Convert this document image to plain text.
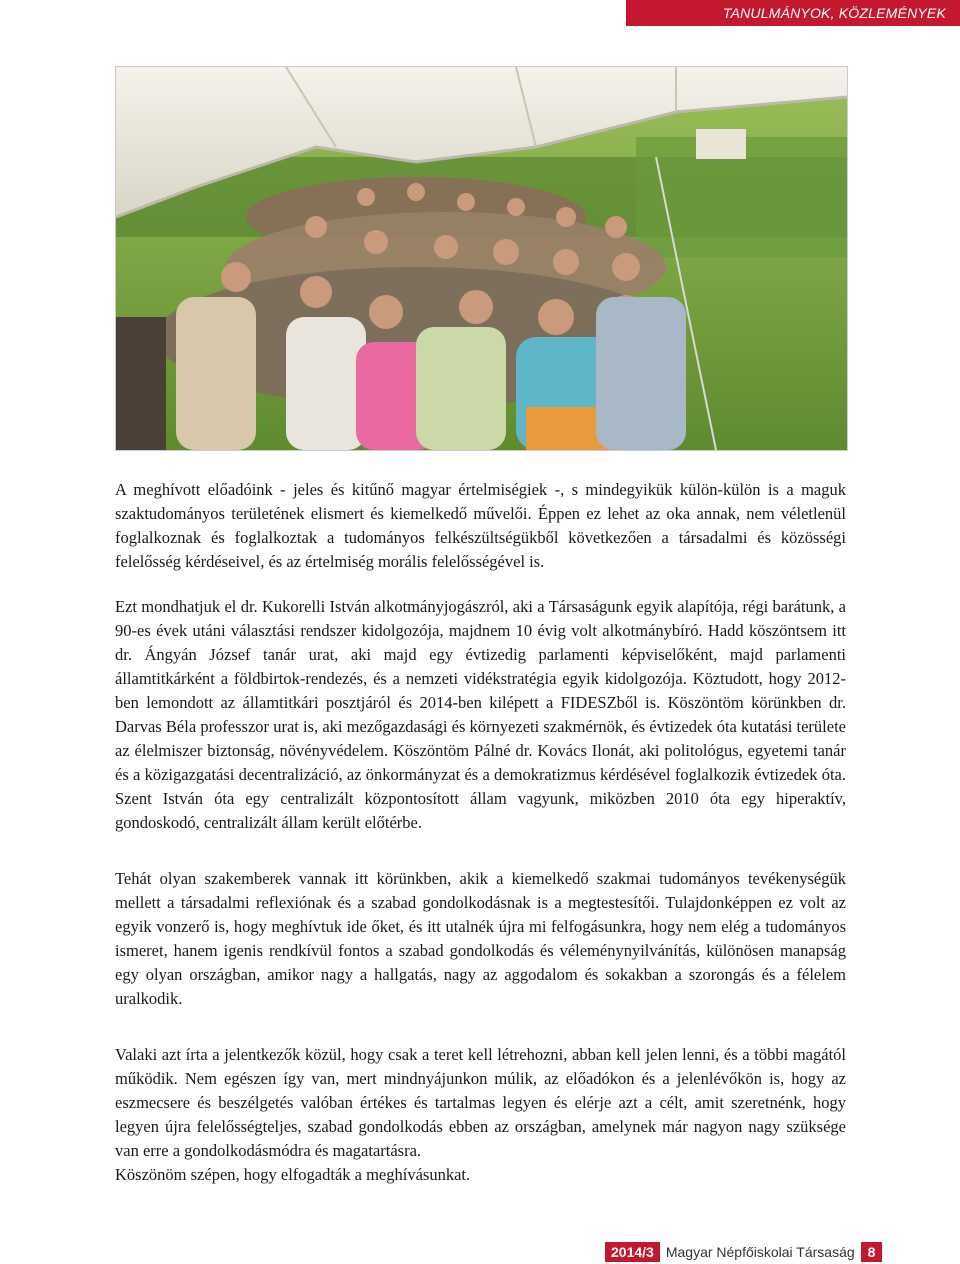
TANULMÁNYOK, KÖZLEMÉNYEK

A meghívott előadóink - jeles és kitűnő magyar értelmiségiek -, s mindegyikük külön-külön is a maguk szaktudományos területének elismert és kiemelkedő művelői. Éppen ez lehet az oka annak, nem véletlenül foglalkoznak és foglalkoztak a tudományos felkészültségükből következően a társadalmi és közösségi felelősség kérdéseivel, és az értelmiség morális felelősségével is.

Ezt mondhatjuk el dr. Kukorelli István alkotmányjogászról, aki a Társaságunk egyik alapítója, régi barátunk, a 90-es évek utáni választási rendszer kidolgozója, majdnem 10 évig volt alkotmánybíró. Hadd köszöntsem itt dr. Ángyán József tanár urat, aki majd egy évtizedig parlamenti képviselőként, majd parlamenti államtitkárként a földbirtok-rendezés, és a nemzeti vidékstratégia egyik kidolgozója. Köztudott, hogy 2012-ben lemondott az államtitkári posztjáról és 2014-ben kilépett a FIDESZből is. Köszöntöm körünkben dr. Darvas Béla professzor urat is, aki mezőgazdasági és környezeti szakmérnök, és évtizedek óta kutatási területe az élelmiszer biztonság, növényvédelem. Köszöntöm Pálné dr. Kovács Ilonát, aki politológus, egyetemi tanár és a közigazgatási decentralizáció, az önkormányzat és a demokratizmus kérdésével foglalkozik évtizedek óta. Szent István óta egy centralizált központosított állam vagyunk, miközben 2010 óta egy hiperaktív, gondoskodó, centralizált állam került előtérbe.

Tehát olyan szakemberek vannak itt körünkben, akik a kiemelkedő szakmai tudományos tevékenységük mellett a társadalmi reflexiónak és a szabad gondolkodásnak is a megtestesítői. Tulajdonképpen ez volt az egyik vonzerő is, hogy meghívtuk ide őket, és itt utalnék újra mi felfogásunkra, hogy nem elég a tudományos ismeret, hanem igenis rendkívül fontos a szabad gondolkodás és véleménynyilvánítás, különösen manapság egy olyan országban, amikor nagy a hallgatás, nagy az aggodalom és sokakban a szorongás és a félelem uralkodik.

Valaki azt írta a jelentkezők közül, hogy csak a teret kell létrehozni, abban kell jelen lenni, és a többi magától működik. Nem egészen így van, mert mindnyájunkon múlik, az előadókon és a jelenlévőkön is, hogy az eszmecsere és beszélgetés valóban értékes és tartalmas legyen és elérje azt a célt, amit szeretnénk, hogy legyen újra felelősségteljes, szabad gondolkodás ebben az országban, amelynek már nagyon nagy szüksége van erre a gondolkodásmódra és magatartásra.

Köszönöm szépen, hogy elfogadták a meghívásunkat.

2014/3 Magyar Népfőiskolai Társaság 8
